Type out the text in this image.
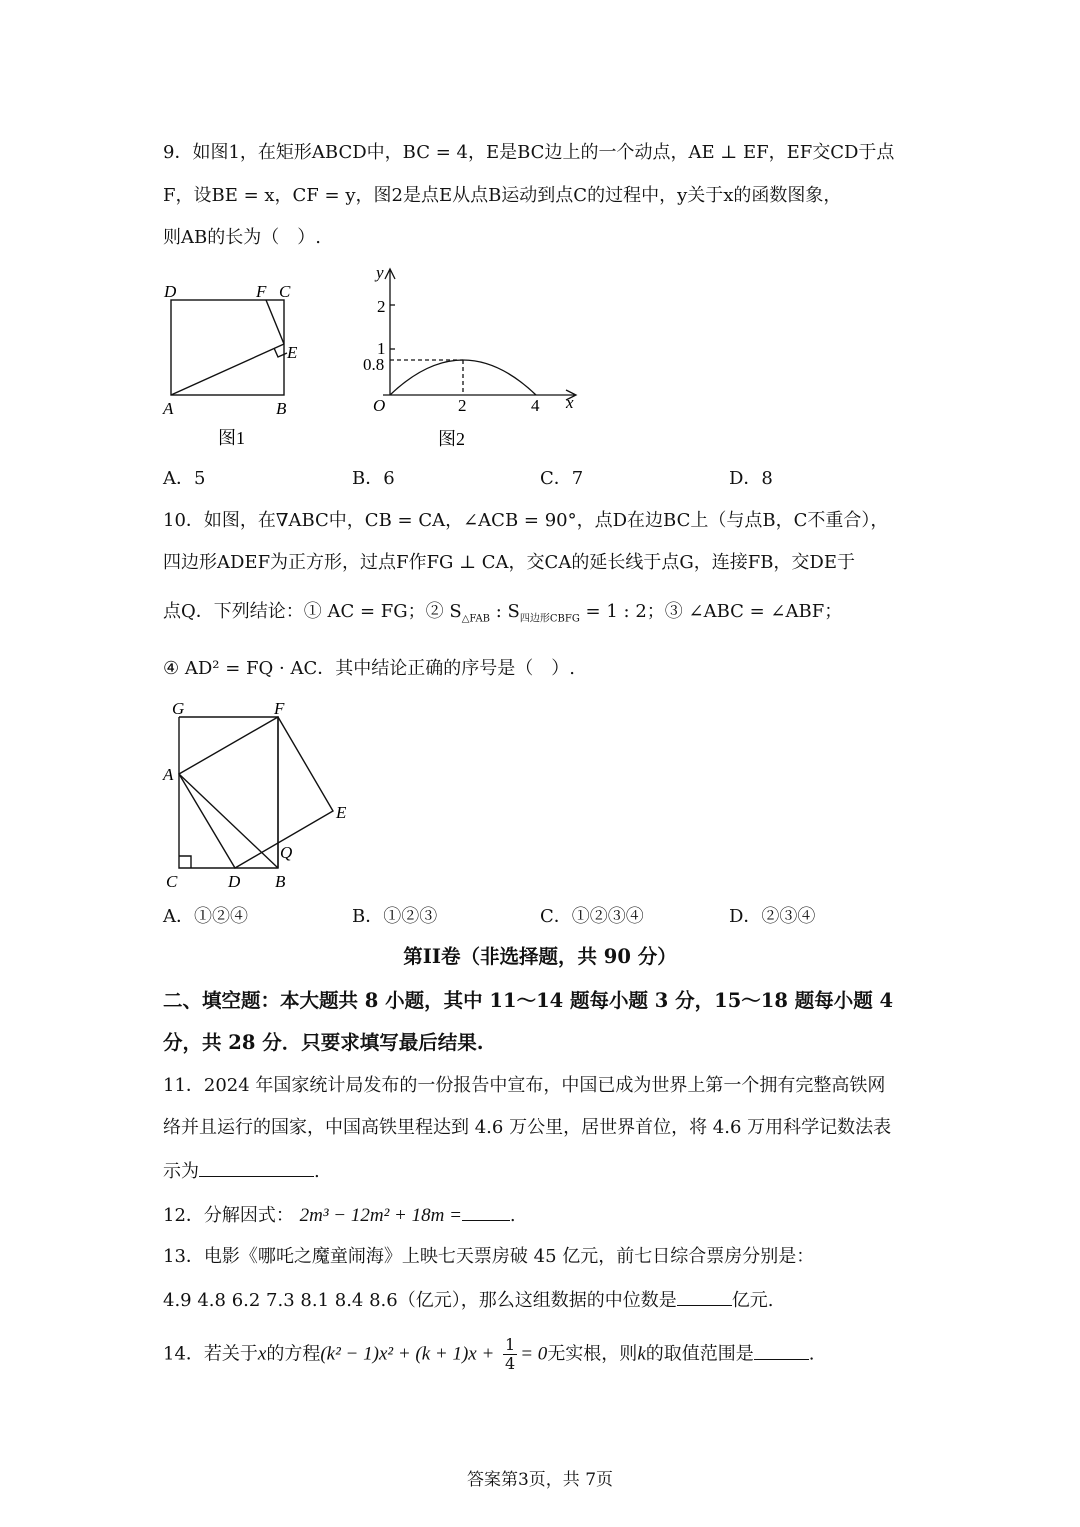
9．如图1，在矩形ABCD中，BC = 4，E是BC边上的一个动点，AE ⊥ EF，EF交CD于点
F，设BE = x，CF = y，图2是点E从点B运动到点C的过程中，y关于x的函数图象，
则AB的长为（　）.
D	F C
E
A	B
图1
y
2
1
0.8
O	2	4 x
图2
A．5	B．6	C．7	D．8
10．如图，在∇ABC中，CB = CA，∠ACB = 90°，点D在边BC上（与点B，C不重合），
四边形ADEF为正方形，过点F作FG ⊥ CA，交CA的延长线于点G，连接FB，交DE于
点Q．下列结论：① AC = FG；② $S_{\triangle FAB}$ : $S_{四边形CBFG} = 1$ : 2；③ ∠ABC = ∠ABF；
④ AD² = FQ · AC．其中结论正确的序号是（　）.
G	F
A
E
Q
C	D B
A．①②④	B．①②③	C．①②③④	D．②③④
第II卷（非选择题，共 90 分）
二、填空题：本大题共 8 小题，其中 11～14 题每小题 3 分，15～18 题每小题 4
分，共 28 分．只要求填写最后结果.
11．2024 年国家统计局发布的一份报告中宣布，中国已成为世界上第一个拥有完整高铁网
络并且运行的国家，中国高铁里程达到 4.6 万公里，居世界首位，将 4.6 万用科学记数法表
示为	.
12．分解因式： 2m³ − 12m² + 18m =	.
13．电影《哪吒之魔童闹海》上映七天票房破 45 亿元，前七日综合票房分别是：
4.9 4.8 6.2 7.3 8.1 8.4 8.6（亿元），那么这组数据的中位数是	亿元.
14．若关于x的方程$(k^2 - 1)x^2 + (k + 1)x + \frac{1}{4} = 0$无实根，则k的取值范围是	.
答案第3页，共 7页
